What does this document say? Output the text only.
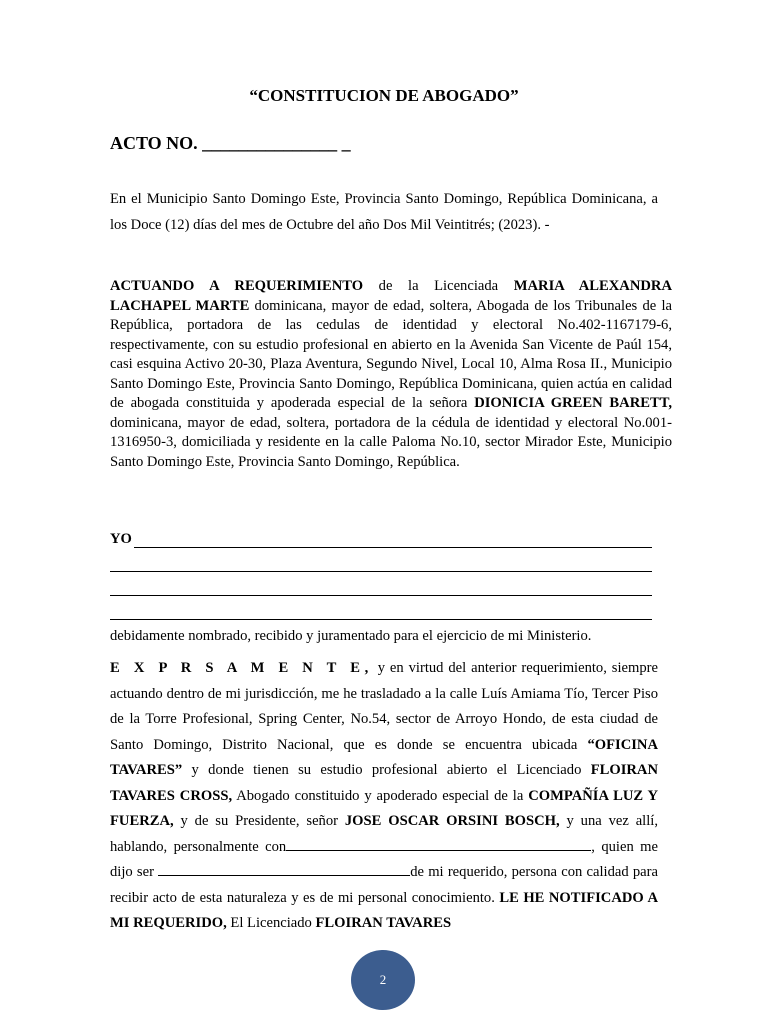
“CONSTITUCION DE ABOGADO”
ACTO NO. _______________ _
En el Municipio Santo Domingo Este, Provincia Santo Domingo, República Dominicana, a los Doce (12) días del mes de Octubre del año Dos Mil Veintitrés; (2023). -
ACTUANDO A REQUERIMIENTO de la Licenciada MARIA ALEXANDRA LACHAPEL MARTE dominicana, mayor de edad, soltera, Abogada de los Tribunales de la República, portadora de las cedulas de identidad y electoral No.402-1167179-6, respectivamente, con su estudio profesional en abierto en la Avenida San Vicente de Paúl 154, casi esquina Activo 20-30, Plaza Aventura, Segundo Nivel, Local 10, Alma Rosa II., Municipio Santo Domingo Este, Provincia Santo Domingo, República Dominicana, quien actúa en calidad de abogada constituida y apoderada especial de la señora DIONICIA GREEN BARETT, dominicana, mayor de edad, soltera, portadora de la cédula de identidad y electoral No.001-1316950-3, domiciliada y residente en la calle Paloma No.10, sector Mirador Este, Municipio Santo Domingo Este, Provincia Santo Domingo, República.
YO
debidamente nombrado, recibido y juramentado para el ejercicio de mi Ministerio.
E X P R S A M E N T E, y en virtud del anterior requerimiento, siempre actuando dentro de mi jurisdicción, me he trasladado a la calle Luís Amiama Tío, Tercer Piso de la Torre Profesional, Spring Center, No.54, sector de Arroyo Hondo, de esta ciudad de Santo Domingo, Distrito Nacional, que es donde se encuentra ubicada “OFICINA TAVARES” y donde tienen su estudio profesional abierto el Licenciado FLOIRAN TAVARES CROSS, Abogado constituido y apoderado especial de la COMPAÑÍA LUZ Y FUERZA, y de su Presidente, señor JOSE OSCAR ORSINI BOSCH, y una vez allí, hablando, personalmente con	, quien me dijo ser	de mi requerido, persona con calidad para recibir acto de esta naturaleza y es de mi personal conocimiento. LE HE NOTIFICADO A MI REQUERIDO, El Licenciado FLOIRAN TAVARES
2
